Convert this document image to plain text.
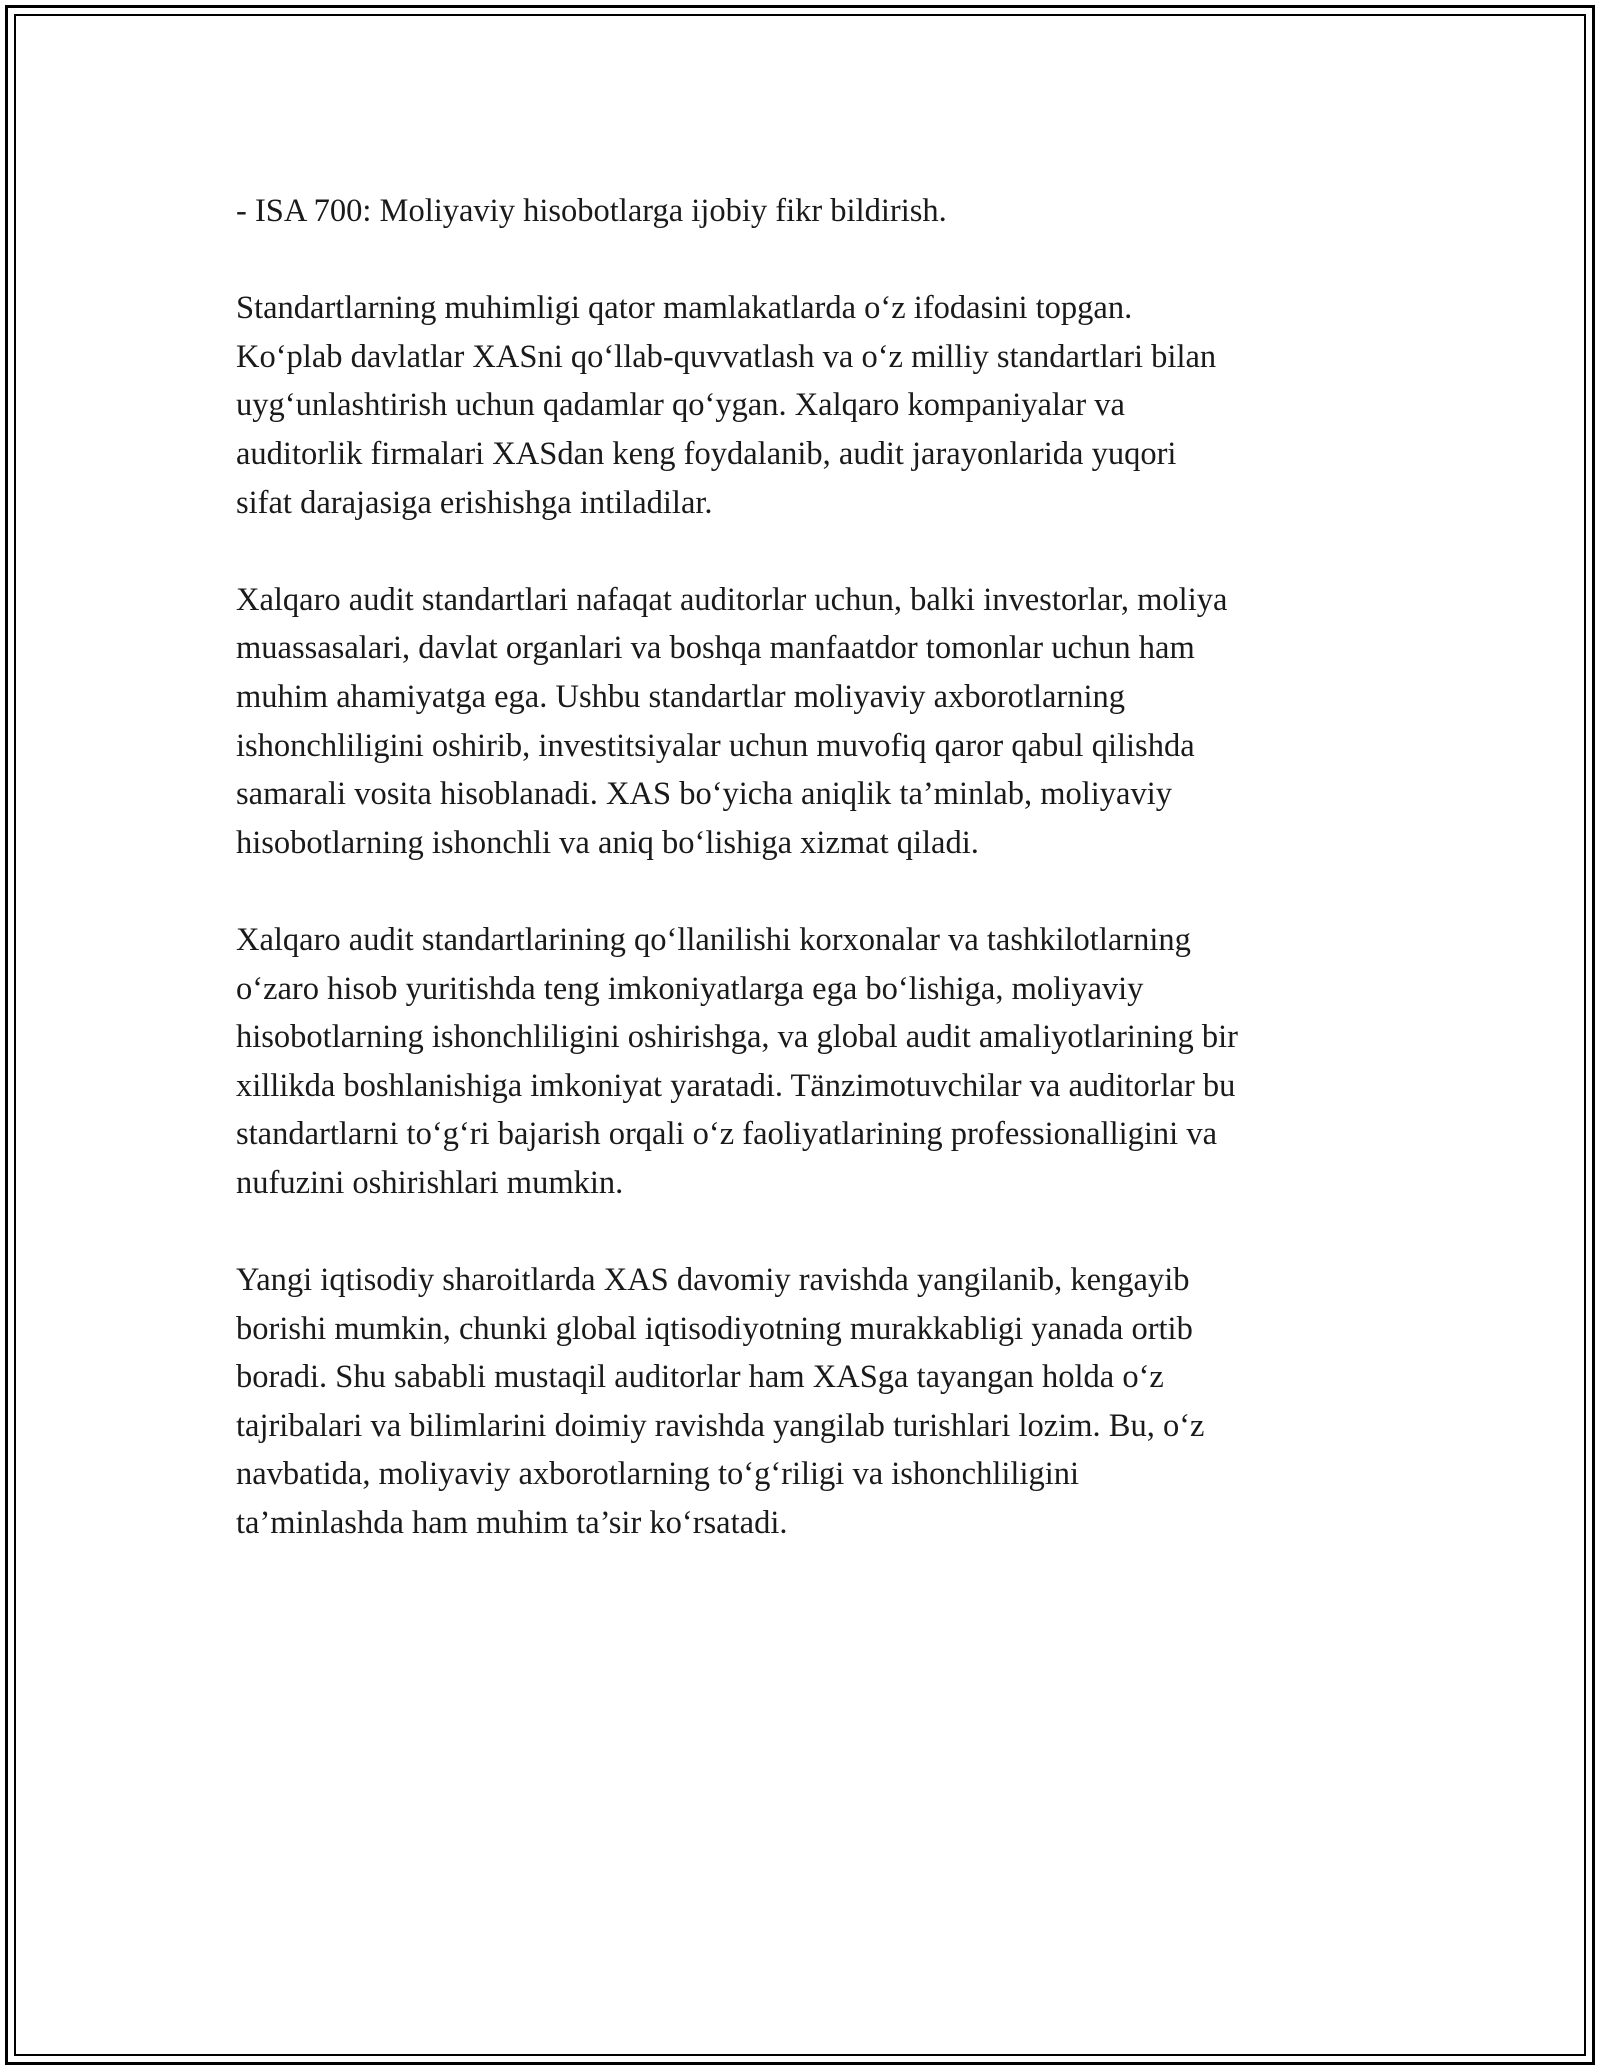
- ISA 700: Moliyaviy hisobotlarga ijobiy fikr bildirish.

Standartlarning muhimligi qator mamlakatlarda o‘z ifodasini topgan.
Ko‘plab davlatlar XASni qo‘llab-quvvatlash va o‘z milliy standartlari bilan
uyg‘unlashtirish uchun qadamlar qo‘ygan. Xalqaro kompaniyalar va
auditorlik firmalari XASdan keng foydalanib, audit jarayonlarida yuqori
sifat darajasiga erishishga intiladilar.

Xalqaro audit standartlari nafaqat auditorlar uchun, balki investorlar, moliya
muassasalari, davlat organlari va boshqa manfaatdor tomonlar uchun ham
muhim ahamiyatga ega. Ushbu standartlar moliyaviy axborotlarning
ishonchliligini oshirib, investitsiyalar uchun muvofiq qaror qabul qilishda
samarali vosita hisoblanadi. XAS bo‘yicha aniqlik ta’minlab, moliyaviy
hisobotlarning ishonchli va aniq bo‘lishiga xizmat qiladi.

Xalqaro audit standartlarining qo‘llanilishi korxonalar va tashkilotlarning
o‘zaro hisob yuritishda teng imkoniyatlarga ega bo‘lishiga, moliyaviy
hisobotlarning ishonchliligini oshirishga, va global audit amaliyotlarining bir
xillikda boshlanishiga imkoniyat yaratadi. Tänzimotuvchilar va auditorlar bu
standartlarni to‘g‘ri bajarish orqali o‘z faoliyatlarining professionalligini va
nufuzini oshirishlari mumkin.

Yangi iqtisodiy sharoitlarda XAS davomiy ravishda yangilanib, kengayib
borishi mumkin, chunki global iqtisodiyotning murakkabligi yanada ortib
boradi. Shu sababli mustaqil auditorlar ham XASga tayangan holda o‘z
tajribalari va bilimlarini doimiy ravishda yangilab turishlari lozim. Bu, o‘z
navbatida, moliyaviy axborotlarning to‘g‘riligi va ishonchliligini
ta’minlashda ham muhim ta’sir ko‘rsatadi.
